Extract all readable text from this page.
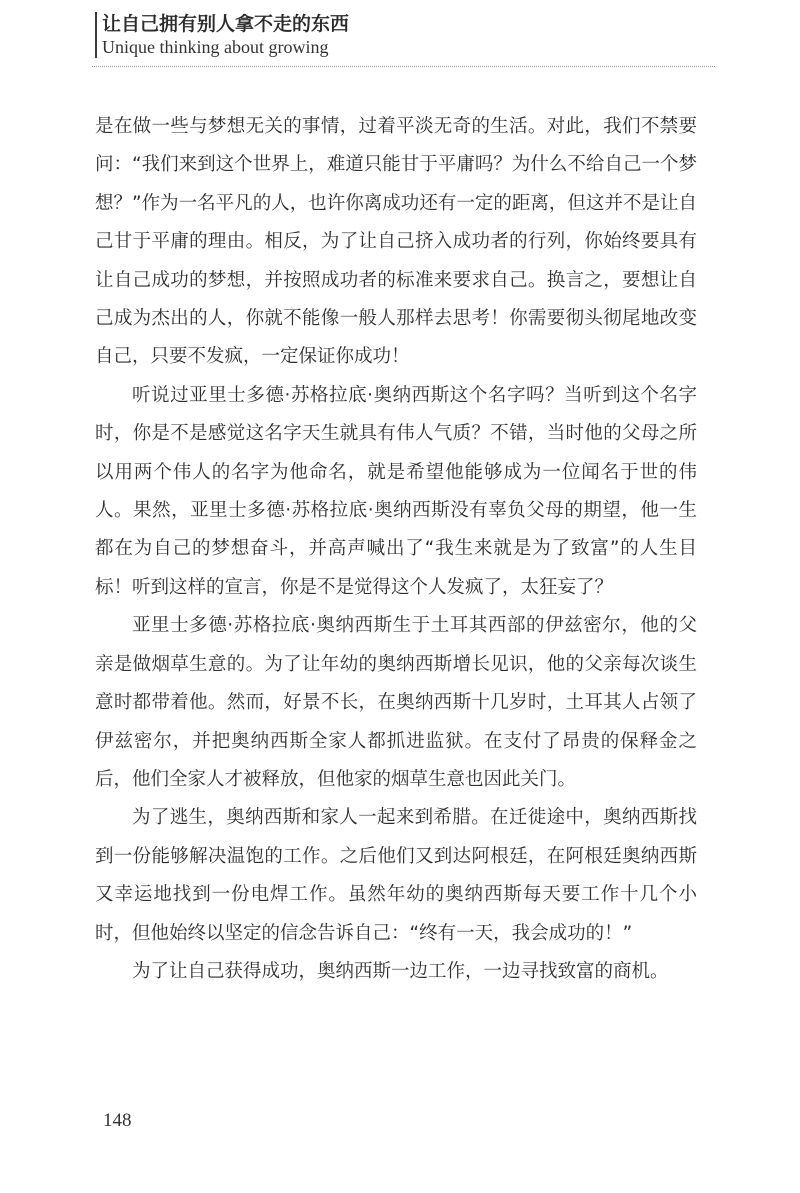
让自己拥有别人拿不走的东西
Unique thinking about growing

是在做一些与梦想无关的事情，过着平淡无奇的生活。对此，我们不禁要问：“我们来到这个世界上，难道只能甘于平庸吗？为什么不给自己一个梦想？”作为一名平凡的人，也许你离成功还有一定的距离，但这并不是让自己甘于平庸的理由。相反，为了让自己挤入成功者的行列，你始终要具有让自己成功的梦想，并按照成功者的标准来要求自己。换言之，要想让自己成为杰出的人，你就不能像一般人那样去思考！你需要彻头彻尾地改变自己，只要不发疯，一定保证你成功！

听说过亚里士多德·苏格拉底·奥纳西斯这个名字吗？当听到这个名字时，你是不是感觉这名字天生就具有伟人气质？不错，当时他的父母之所以用两个伟人的名字为他命名，就是希望他能够成为一位闻名于世的伟人。果然，亚里士多德·苏格拉底·奥纳西斯没有辜负父母的期望，他一生都在为自己的梦想奋斗，并高声喊出了“我生来就是为了致富”的人生目标！听到这样的宣言，你是不是觉得这个人发疯了，太狂妄了？

亚里士多德·苏格拉底·奥纳西斯生于土耳其西部的伊兹密尔，他的父亲是做烟草生意的。为了让年幼的奥纳西斯增长见识，他的父亲每次谈生意时都带着他。然而，好景不长，在奥纳西斯十几岁时，土耳其人占领了伊兹密尔，并把奥纳西斯全家人都抓进监狱。在支付了昂贵的保释金之后，他们全家人才被释放，但他家的烟草生意也因此关门。

为了逃生，奥纳西斯和家人一起来到希腊。在迁徙途中，奥纳西斯找到一份能够解决温饱的工作。之后他们又到达阿根廷，在阿根廷奥纳西斯又幸运地找到一份电焊工作。虽然年幼的奥纳西斯每天要工作十几个小时，但他始终以坚定的信念告诉自己：“终有一天，我会成功的！”

为了让自己获得成功，奥纳西斯一边工作，一边寻找致富的商机。

148
